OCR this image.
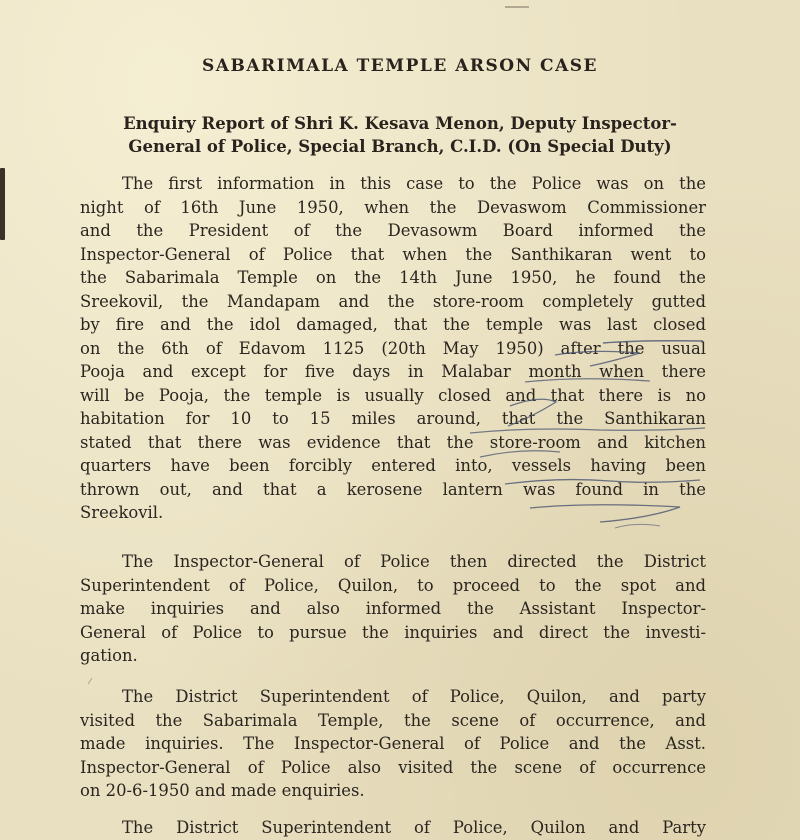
SABARIMALA TEMPLE ARSON CASE
Enquiry Report of Shri K. Kesava Menon, Deputy Inspector-
General of Police, Special Branch, C.I.D. (On Special Duty)
The first information in this case to the Police was on the
night of 16th June 1950, when the Devaswom Commissioner
and the President of the Devasowm Board informed the
Inspector-General of Police that when the Santhikaran went to
the Sabarimala Temple on the 14th June 1950, he found the
Sreekovil, the Mandapam and the store-room completely gutted
by fire and the idol damaged, that the temple was last closed
on the 6th of Edavom 1125 (20th May 1950) after the usual
Pooja and except for five days in Malabar month when there
will be Pooja, the temple is usually closed and that there is no
habitation for 10 to 15 miles around, that the Santhikaran
stated that there was evidence that the store-room and kitchen
quarters have been forcibly entered into, vessels having been
thrown out, and that a kerosene lantern was found in the
Sreekovil.
The Inspector-General of Police then directed the District
Superintendent of Police, Quilon, to proceed to the spot and
make inquiries and also informed the Assistant Inspector-
General of Police to pursue the inquiries and direct the investi-
gation.
The District Superintendent of Police, Quilon, and party
visited the Sabarimala Temple, the scene of occurrence, and
made inquiries. The Inspector-General of Police and the Asst.
Inspector-General of Police also visited the scene of occurrence
on 20-6-1950 and made enquiries.
The District Superintendent of Police, Quilon and Party
